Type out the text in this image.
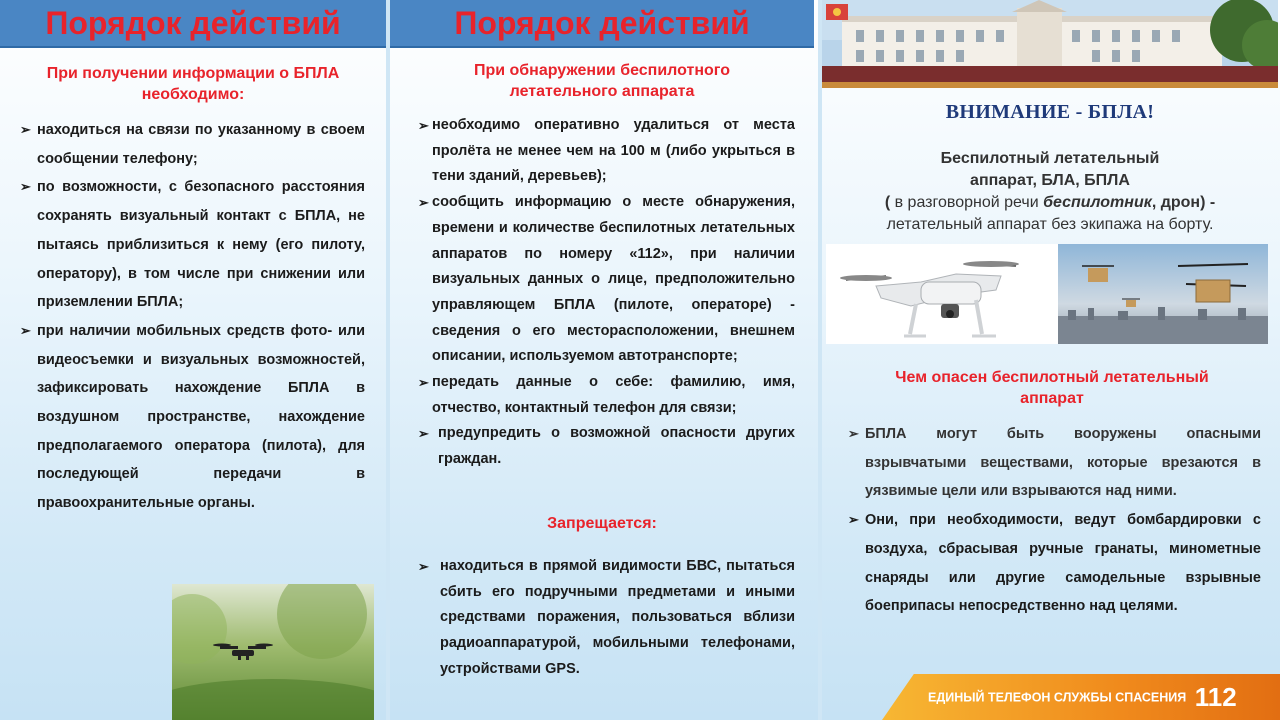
Порядок действий
При получении информации о БПЛА
необходимо:

➢ находиться на связи по указанному в своем сообщении телефону;

➢ по возможности, с безопасного расстояния сохранять визуальный контакт с БПЛА, не пытаясь приблизиться к нему (его пилоту, оператору), в том числе при снижении или приземлении БПЛА;

➢ при наличии мобильных средств фото- или видеосъемки и визуальных возможностей, зафиксировать нахождение БПЛА в воздушном пространстве, нахождение предполагаемого оператора (пилота), для последующей передачи в правоохранительные органы.

Порядок действий
При обнаружении беспилотного
летательного аппарата

➢ необходимо оперативно удалиться от места пролёта не менее чем на 100 м (либо укрыться в тени зданий, деревьев);

➢ сообщить информацию о месте обнаружения, времени и количестве беспилотных летательных аппаратов по номеру «112», при наличии визуальных данных о лице, предположительно управляющем БПЛА (пилоте, операторе) - сведения о его месторасположении, внешнем описании, используемом автотранспорте;

➢ передать данные о себе: фамилию, имя, отчество, контактный телефон для связи;

➢ предупредить о возможной опасности других граждан.

Запрещается:

➢ находиться в прямой видимости БВС, пытаться сбить его подручными предметами и иными средствами поражения, пользоваться вблизи радиоаппаратурой, мобильными телефонами, устройствами GPS.

ВНИМАНИЕ - БПЛА!
Беспилотный летательный
аппарат, БЛА, БПЛА
( в разговорной речи беспилотник, дрон) -
летательный аппарат без экипажа на борту.
Чем опасен беспилотный летательный
аппарат

➢ БПЛА могут быть вооружены опасными взрывчатыми веществами, которые врезаются в уязвимые цели или взрываются над ними.

➢ Они, при необходимости, ведут бомбардировки с воздуха, сбрасывая ручные гранаты, минометные снаряды или другие самодельные взрывные боеприпасы непосредственно над целями.

ЕДИНЫЙ ТЕЛЕФОН СЛУЖБЫ СПАСЕНИЯ 112
